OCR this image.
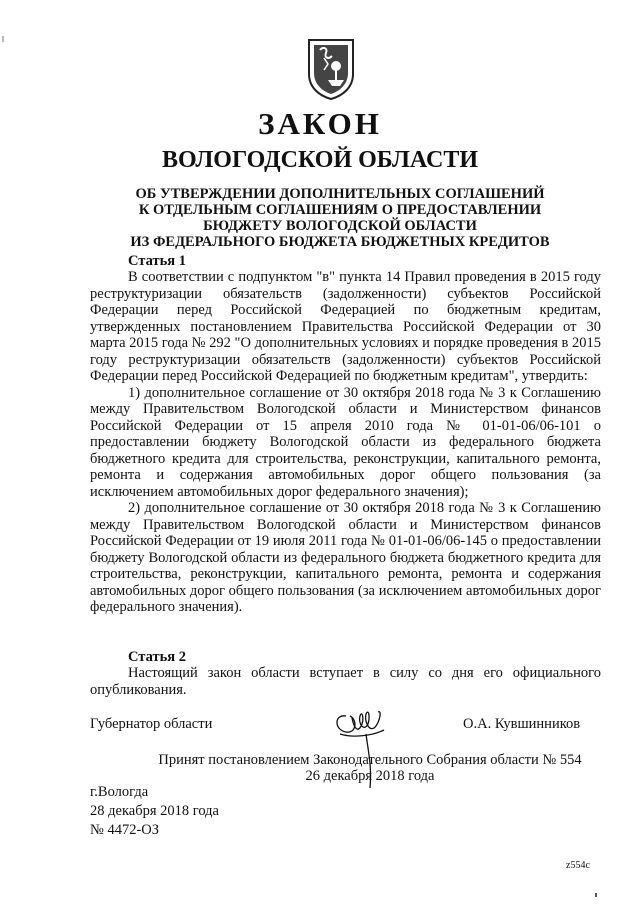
ЗАКОН
ВОЛОГОДСКОЙ ОБЛАСТИ
ОБ УТВЕРЖДЕНИИ ДОПОЛНИТЕЛЬНЫХ СОГЛАШЕНИЙ
К ОТДЕЛЬНЫМ СОГЛАШЕНИЯМ О ПРЕДОСТАВЛЕНИИ
БЮДЖЕТУ ВОЛОГОДСКОЙ ОБЛАСТИ
ИЗ ФЕДЕРАЛЬНОГО БЮДЖЕТА БЮДЖЕТНЫХ КРЕДИТОВ
Статья 1

В соответствии с подпунктом "в" пункта 14 Правил проведения в 2015 году реструктуризации обязательств (задолженности) субъектов Российской Федерации перед Российской Федерацией по бюджетным кредитам, утвержденных постановлением Правительства Российской Федерации от 30 марта 2015 года № 292 "О дополнительных условиях и порядке проведения в 2015 году реструктуризации обязательств (задолженности) субъектов Российской Федерации перед Российской Федерацией по бюджетным кредитам", утвердить:

1) дополнительное соглашение от 30 октября 2018 года № 3 к Соглашению между Правительством Вологодской области и Министерством финансов Российской Федерации от 15 апреля 2010 года № 01-01-06/06-101 о предоставлении бюджету Вологодской области из федерального бюджета бюджетного кредита для строительства, реконструкции, капитального ремонта, ремонта и содержания автомобильных дорог общего пользования (за исключением автомобильных дорог федерального значения);

2) дополнительное соглашение от 30 октября 2018 года № 3 к Соглашению между Правительством Вологодской области и Министерством финансов Российской Федерации от 19 июля 2011 года № 01-01-06/06-145 о предоставлении бюджету Вологодской области из федерального бюджета бюджетного кредита для строительства, реконструкции, капитального ремонта, ремонта и содержания автомобильных дорог общего пользования (за исключением автомобильных дорог федерального значения).

Статья 2

Настоящий закон области вступает в силу со дня его официального опубликования.

Губернатор области	О.А. Кувшинников
Принят постановлением Законодательного Собрания области № 554
26 декабря 2018 года
г.Вологда
28 декабря 2018 года
№ 4472-ОЗ
z554c
